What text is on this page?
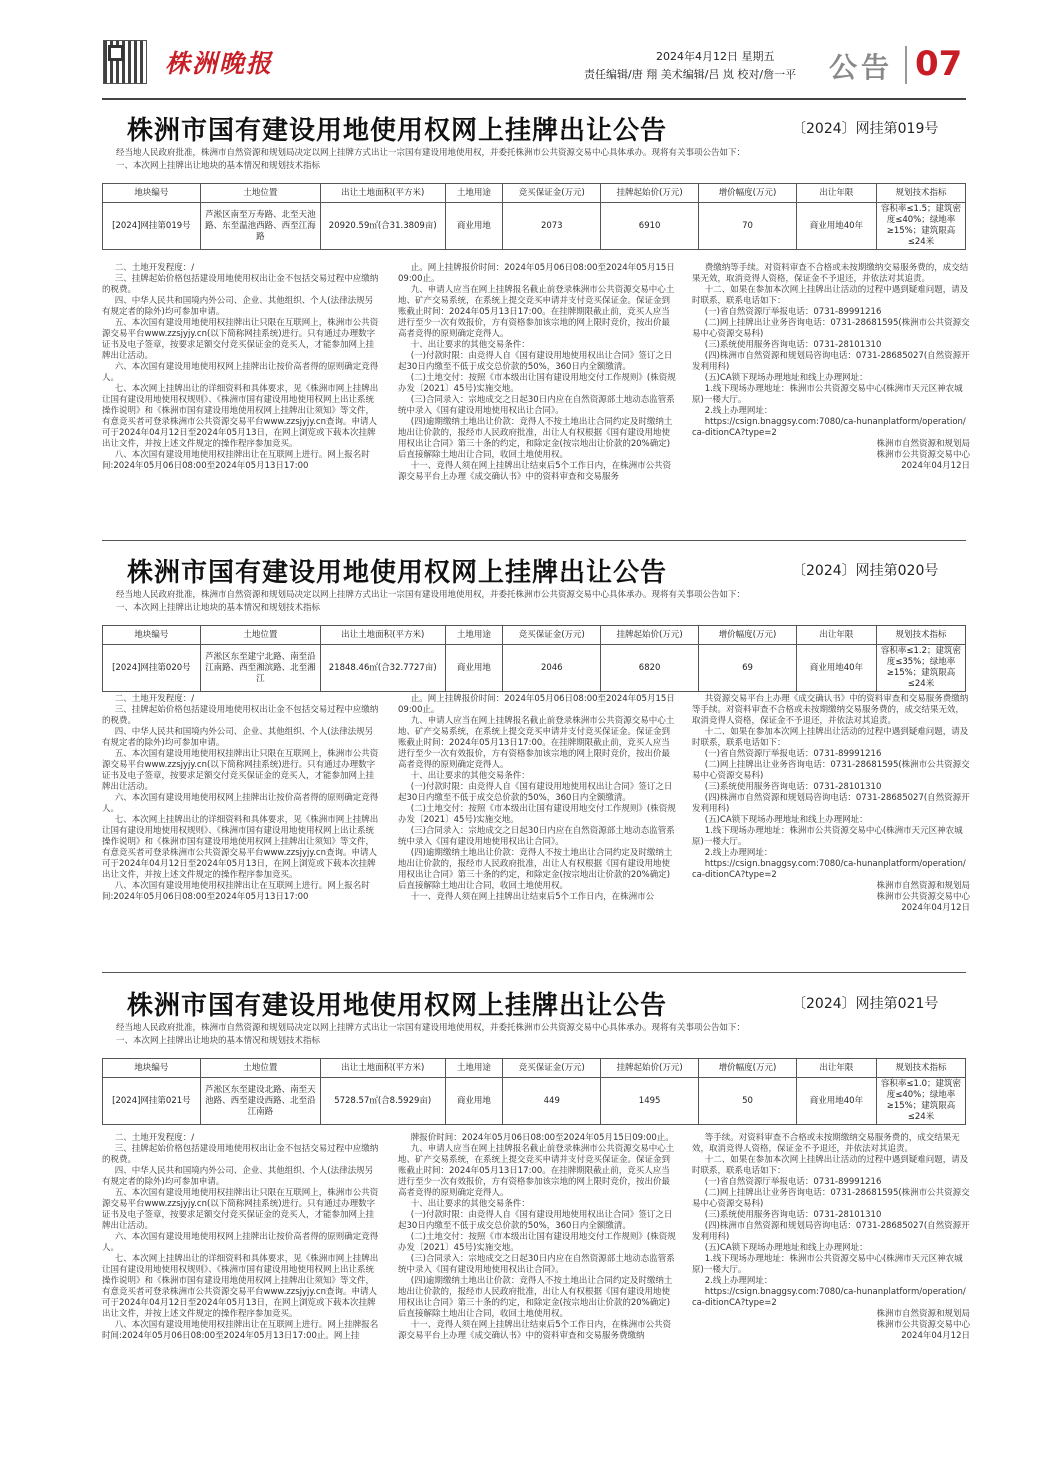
株洲晚报	2024年4月12日 星期五
责任编辑/唐 翔 美术编辑/吕 岚 校对/詹一平 公告 07
株洲市国有建设用地使用权网上挂牌出让公告	〔2024〕网挂第019号
经当地人民政府批准，株洲市自然资源和规划局决定以网上挂牌方式出让一宗国有建设用地使用权，并委托株洲市公共资源交易中心具体承办。现将有关事项公告如下：
一、本次网上挂牌出让地块的基本情况和规划技术指标
地块编号	土地位置	出让土地面积(平方米)	土地用途	竞买保证金(万元)	挂牌起始价(万元)	增价幅度(万元)	出让年限	规划技术指标
[2024]网挂第019号	芦淞区南至万寿路、北至天池路、东至温池西路、西至江海路	20920.59㎡(合31.3809亩)	商业用地	2073	6910	70	商业用地40年	容积率≤1.5；建筑密度≤40%；绿地率≥15%；建筑限高≤24米

二、土地开发程度：/

三、挂牌起始价格包括建设用地使用权出让金不包括交易过程中应缴纳的税费。

四、中华人民共和国境内外公司、企业、其他组织、个人(法律法规另有规定者的除外)均可参加申请。

五、本次国有建设用地使用权挂牌出让只限在互联网上，株洲市公共资源交易平台www.zzsjyjy.cn(以下简称网挂系统)进行。只有通过办理数字证书及电子签章，按要求足额交付竞买保证金的竞买人，才能参加网上挂牌出让活动。

六、本次国有建设用地使用权网上挂牌出让按价高者得的原则确定竞得人。

七、本次网上挂牌出让的详细资料和具体要求，见《株洲市网上挂牌出让国有建设用地使用权规则》、《株洲市国有建设用地使用权网上出让系统操作说明》和《株洲市国有建设用地使用权网上挂牌出让须知》等文件，有意竞买者可登录株洲市公共资源交易平台www.zzsjyjy.cn查询。申请人可于2024年04月12日至2024年05月13日，在网上浏览或下载本次挂牌出让文件，并按上述文件规定的操作程序参加竞买。

八、本次国有建设用地使用权挂牌出让在互联网上进行。网上报名时间:2024年05月06日08:00至2024年05月13日17:00

止。网上挂牌报价时间：2024年05月06日08:00至2024年05月15日09:00止。

九、申请人应当在网上挂牌报名截止前登录株洲市公共资源交易中心土地、矿产交易系统，在系统上提交竞买申请并支付竞买保证金。保证金到账截止时间：2024年05月13日17:00。在挂牌期限截止前，竞买人应当进行至少一次有效报价，方有资格参加该宗地的网上限时竞价，按出价最高者竞得的原则确定竞得人。

十、出让要求的其他交易条件：

(一)付款时限：由竞得人自《国有建设用地使用权出让合同》签订之日起30日内缴至不低于成交总价款的50%，360日内全额缴清。

(二)土地交付：按照《市本级出让国有建设用地交付工作规则》(株资规办发〔2021〕45号)实施交地。

(三)合同录入：宗地成交之日起30日内应在自然资源部土地动态监管系统中录入《国有建设用地使用权出让合同》。

(四)逾期缴纳土地出让价款：竞得人不按土地出让合同约定及时缴纳土地出让价款的，报经市人民政府批准，出让人有权根据《国有建设用地使用权出让合同》第三十条的约定，和除定金(按宗地出让价款的20%确定)后直接解除土地出让合同，收回土地使用权。

十一、竞得人须在网上挂牌出让结束后5个工作日内，在株洲市公共资源交易平台上办理《成交确认书》中的资料审查和交易服务

费缴纳等手续。对资料审查不合格或未按期缴纳交易服务费的，成交结果无效，取消竞得人资格，保证金不予退还，并依法对其追责。

十二、如果在参加本次网上挂牌出让活动的过程中遇到疑难问题，请及时联系，联系电话如下：

(一)省自然资源厅举报电话：0731-89991216

(二)网上挂牌出让业务咨询电话：0731-28681595(株洲市公共资源交易中心资源交易科)

(三)系统使用服务咨询电话：0731-28101310

(四)株洲市自然资源和规划局咨询电话：0731-28685027(自然资源开发利用科)

(五)CA锁下现场办理地址和线上办理网址：

1.线下现场办理地址：株洲市公共资源交易中心(株洲市天元区神农城原)一楼大厅。

2.线上办理网址：

https://csign.bnaggsy.com:7080/ca-hunanplatform/operation/ca-ditionCA?type=2

株洲市自然资源和规划局

株洲市公共资源交易中心

2024年04月12日

株洲市国有建设用地使用权网上挂牌出让公告	〔2024〕网挂第020号
经当地人民政府批准，株洲市自然资源和规划局决定以网上挂牌方式出让一宗国有建设用地使用权，并委托株洲市公共资源交易中心具体承办。现将有关事项公告如下：
一、本次网上挂牌出让地块的基本情况和规划技术指标
地块编号	土地位置	出让土地面积(平方米)	土地用途	竞买保证金(万元)	挂牌起始价(万元)	增价幅度(万元)	出让年限	规划技术指标
[2024]网挂第020号	芦淞区东至建宁北路、南至沿江南路、西至湘滨路、北至湘江	21848.46㎡(合32.7727亩)	商业用地	2046	6820	69	商业用地40年	容积率≤1.2；建筑密度≤35%；绿地率≥15%；建筑限高≤24米

二、土地开发程度：/

三、挂牌起始价格包括建设用地使用权出让金不包括交易过程中应缴纳的税费。

四、中华人民共和国境内外公司、企业、其他组织、个人(法律法规另有规定者的除外)均可参加申请。

五、本次国有建设用地使用权挂牌出让只限在互联网上，株洲市公共资源交易平台www.zzsjyjy.cn(以下简称网挂系统)进行。只有通过办理数字证书及电子签章，按要求足额交付竞买保证金的竞买人，才能参加网上挂牌出让活动。

六、本次国有建设用地使用权网上挂牌出让按价高者得的原则确定竞得人。

七、本次网上挂牌出让的详细资料和具体要求，见《株洲市网上挂牌出让国有建设用地使用权规则》、《株洲市国有建设用地使用权网上出让系统操作说明》和《株洲市国有建设用地使用权网上挂牌出让须知》等文件，有意竞买者可登录株洲市公共资源交易平台www.zzsjyjy.cn查询。申请人可于2024年04月12日至2024年05月13日，在网上浏览或下载本次挂牌出让文件，并按上述文件规定的操作程序参加竞买。

八、本次国有建设用地使用权挂牌出让在互联网上进行。网上报名时间:2024年05月06日08:00至2024年05月13日17:00

止。网上挂牌报价时间：2024年05月06日08:00至2024年05月15日09:00止。

九、申请人应当在网上挂牌报名截止前登录株洲市公共资源交易中心土地、矿产交易系统，在系统上提交竞买申请并支付竞买保证金。保证金到账截止时间：2024年05月13日17:00。在挂牌期限截止前，竞买人应当进行至少一次有效报价，方有资格参加该宗地的网上限时竞价，按出价最高者竞得的原则确定竞得人。

十、出让要求的其他交易条件：

(一)付款时限：由竞得人自《国有建设用地使用权出让合同》签订之日起30日内缴至不低于成交总价款的50%，360日内全额缴清。

(二)土地交付：按照《市本级出让国有建设用地交付工作规则》(株资规办发〔2021〕45号)实施交地。

(三)合同录入：宗地成交之日起30日内应在自然资源部土地动态监管系统中录入《国有建设用地使用权出让合同》。

(四)逾期缴纳土地出让价款：竞得人不按土地出让合同约定及时缴纳土地出让价款的，报经市人民政府批准，出让人有权根据《国有建设用地使用权出让合同》第三十条的约定，和除定金(按宗地出让价款的20%确定)后直接解除土地出让合同，收回土地使用权。

十一、竞得人须在网上挂牌出让结束后5个工作日内，在株洲市公

共资源交易平台上办理《成交确认书》中的资料审查和交易服务费缴纳等手续。对资料审查不合格或未按期缴纳交易服务费的，成交结果无效，取消竞得人资格，保证金不予退还，并依法对其追责。

十二、如果在参加本次网上挂牌出让活动的过程中遇到疑难问题，请及时联系，联系电话如下：

(一)省自然资源厅举报电话：0731-89991216

(二)网上挂牌出让业务咨询电话：0731-28681595(株洲市公共资源交易中心资源交易科)

(三)系统使用服务咨询电话：0731-28101310

(四)株洲市自然资源和规划局咨询电话：0731-28685027(自然资源开发利用科)

(五)CA锁下现场办理地址和线上办理网址：

1.线下现场办理地址：株洲市公共资源交易中心(株洲市天元区神农城原)一楼大厅。

2.线上办理网址：

https://csign.bnaggsy.com:7080/ca-hunanplatform/operation/ca-ditionCA?type=2

株洲市自然资源和规划局

株洲市公共资源交易中心

2024年04月12日

株洲市国有建设用地使用权网上挂牌出让公告	〔2024〕网挂第021号
经当地人民政府批准，株洲市自然资源和规划局决定以网上挂牌方式出让一宗国有建设用地使用权，并委托株洲市公共资源交易中心具体承办。现将有关事项公告如下：
一、本次网上挂牌出让地块的基本情况和规划技术指标
地块编号	土地位置	出让土地面积(平方米)	土地用途	竞买保证金(万元)	挂牌起始价(万元)	增价幅度(万元)	出让年限	规划技术指标
[2024]网挂第021号	芦淞区东至建设北路、南至天池路、西至建设西路、北至沿江南路	5728.57㎡(合8.5929亩)	商业用地	449	1495	50	商业用地40年	容积率≤1.0；建筑密度≤40%；绿地率≥15%；建筑限高≤24米

二、土地开发程度：/

三、挂牌起始价格包括建设用地使用权出让金不包括交易过程中应缴纳的税费。

四、中华人民共和国境内外公司、企业、其他组织、个人(法律法规另有规定者的除外)均可参加申请。

五、本次国有建设用地使用权挂牌出让只限在互联网上，株洲市公共资源交易平台www.zzsjyjy.cn(以下简称网挂系统)进行。只有通过办理数字证书及电子签章，按要求足额交付竞买保证金的竞买人，才能参加网上挂牌出让活动。

六、本次国有建设用地使用权网上挂牌出让按价高者得的原则确定竞得人。

七、本次网上挂牌出让的详细资料和具体要求，见《株洲市网上挂牌出让国有建设用地使用权规则》、《株洲市国有建设用地使用权网上出让系统操作说明》和《株洲市国有建设用地使用权网上挂牌出让须知》等文件，有意竞买者可登录株洲市公共资源交易平台www.zzsjyjy.cn查询。申请人可于2024年04月12日至2024年05月13日，在网上浏览或下载本次挂牌出让文件，并按上述文件规定的操作程序参加竞买。

八、本次国有建设用地使用权挂牌出让在互联网上进行。网上挂牌报名时间:2024年05月06日08:00至2024年05月13日17:00止。网上挂

牌报价时间：2024年05月06日08:00至2024年05月15日09:00止。

九、申请人应当在网上挂牌报名截止前登录株洲市公共资源交易中心土地、矿产交易系统，在系统上提交竞买申请并支付竞买保证金。保证金到账截止时间：2024年05月13日17:00。在挂牌期限截止前，竞买人应当进行至少一次有效报价，方有资格参加该宗地的网上限时竞价，按出价最高者竞得的原则确定竞得人。

十、出让要求的其他交易条件：

(一)付款时限：由竞得人自《国有建设用地使用权出让合同》签订之日起30日内缴至不低于成交总价款的50%，360日内全额缴清。

(二)土地交付：按照《市本级出让国有建设用地交付工作规则》(株资规办发〔2021〕45号)实施交地。

(三)合同录入：宗地成交之日起30日内应在自然资源部土地动态监管系统中录入《国有建设用地使用权出让合同》。

(四)逾期缴纳土地出让价款：竞得人不按土地出让合同约定及时缴纳土地出让价款的，报经市人民政府批准，出让人有权根据《国有建设用地使用权出让合同》第三十条的约定，和除定金(按宗地出让价款的20%确定)后直接解除土地出让合同，收回土地使用权。

十一、竞得人须在网上挂牌出让结束后5个工作日内，在株洲市公共资源交易平台上办理《成交确认书》中的资料审查和交易服务费缴纳

等手续。对资料审查不合格或未按期缴纳交易服务费的，成交结果无效，取消竞得人资格，保证金不予退还，并依法对其追责。

十二、如果在参加本次网上挂牌出让活动的过程中遇到疑难问题，请及时联系，联系电话如下：

(一)省自然资源厅举报电话：0731-89991216

(二)网上挂牌出让业务咨询电话：0731-28681595(株洲市公共资源交易中心资源交易科)

(三)系统使用服务咨询电话：0731-28101310

(四)株洲市自然资源和规划局咨询电话：0731-28685027(自然资源开发利用科)

(五)CA锁下现场办理地址和线上办理网址：

1.线下现场办理地址：株洲市公共资源交易中心(株洲市天元区神农城原)一楼大厅。

2.线上办理网址：

https://csign.bnaggsy.com:7080/ca-hunanplatform/operation/ca-ditionCA?type=2

株洲市自然资源和规划局

株洲市公共资源交易中心

2024年04月12日
